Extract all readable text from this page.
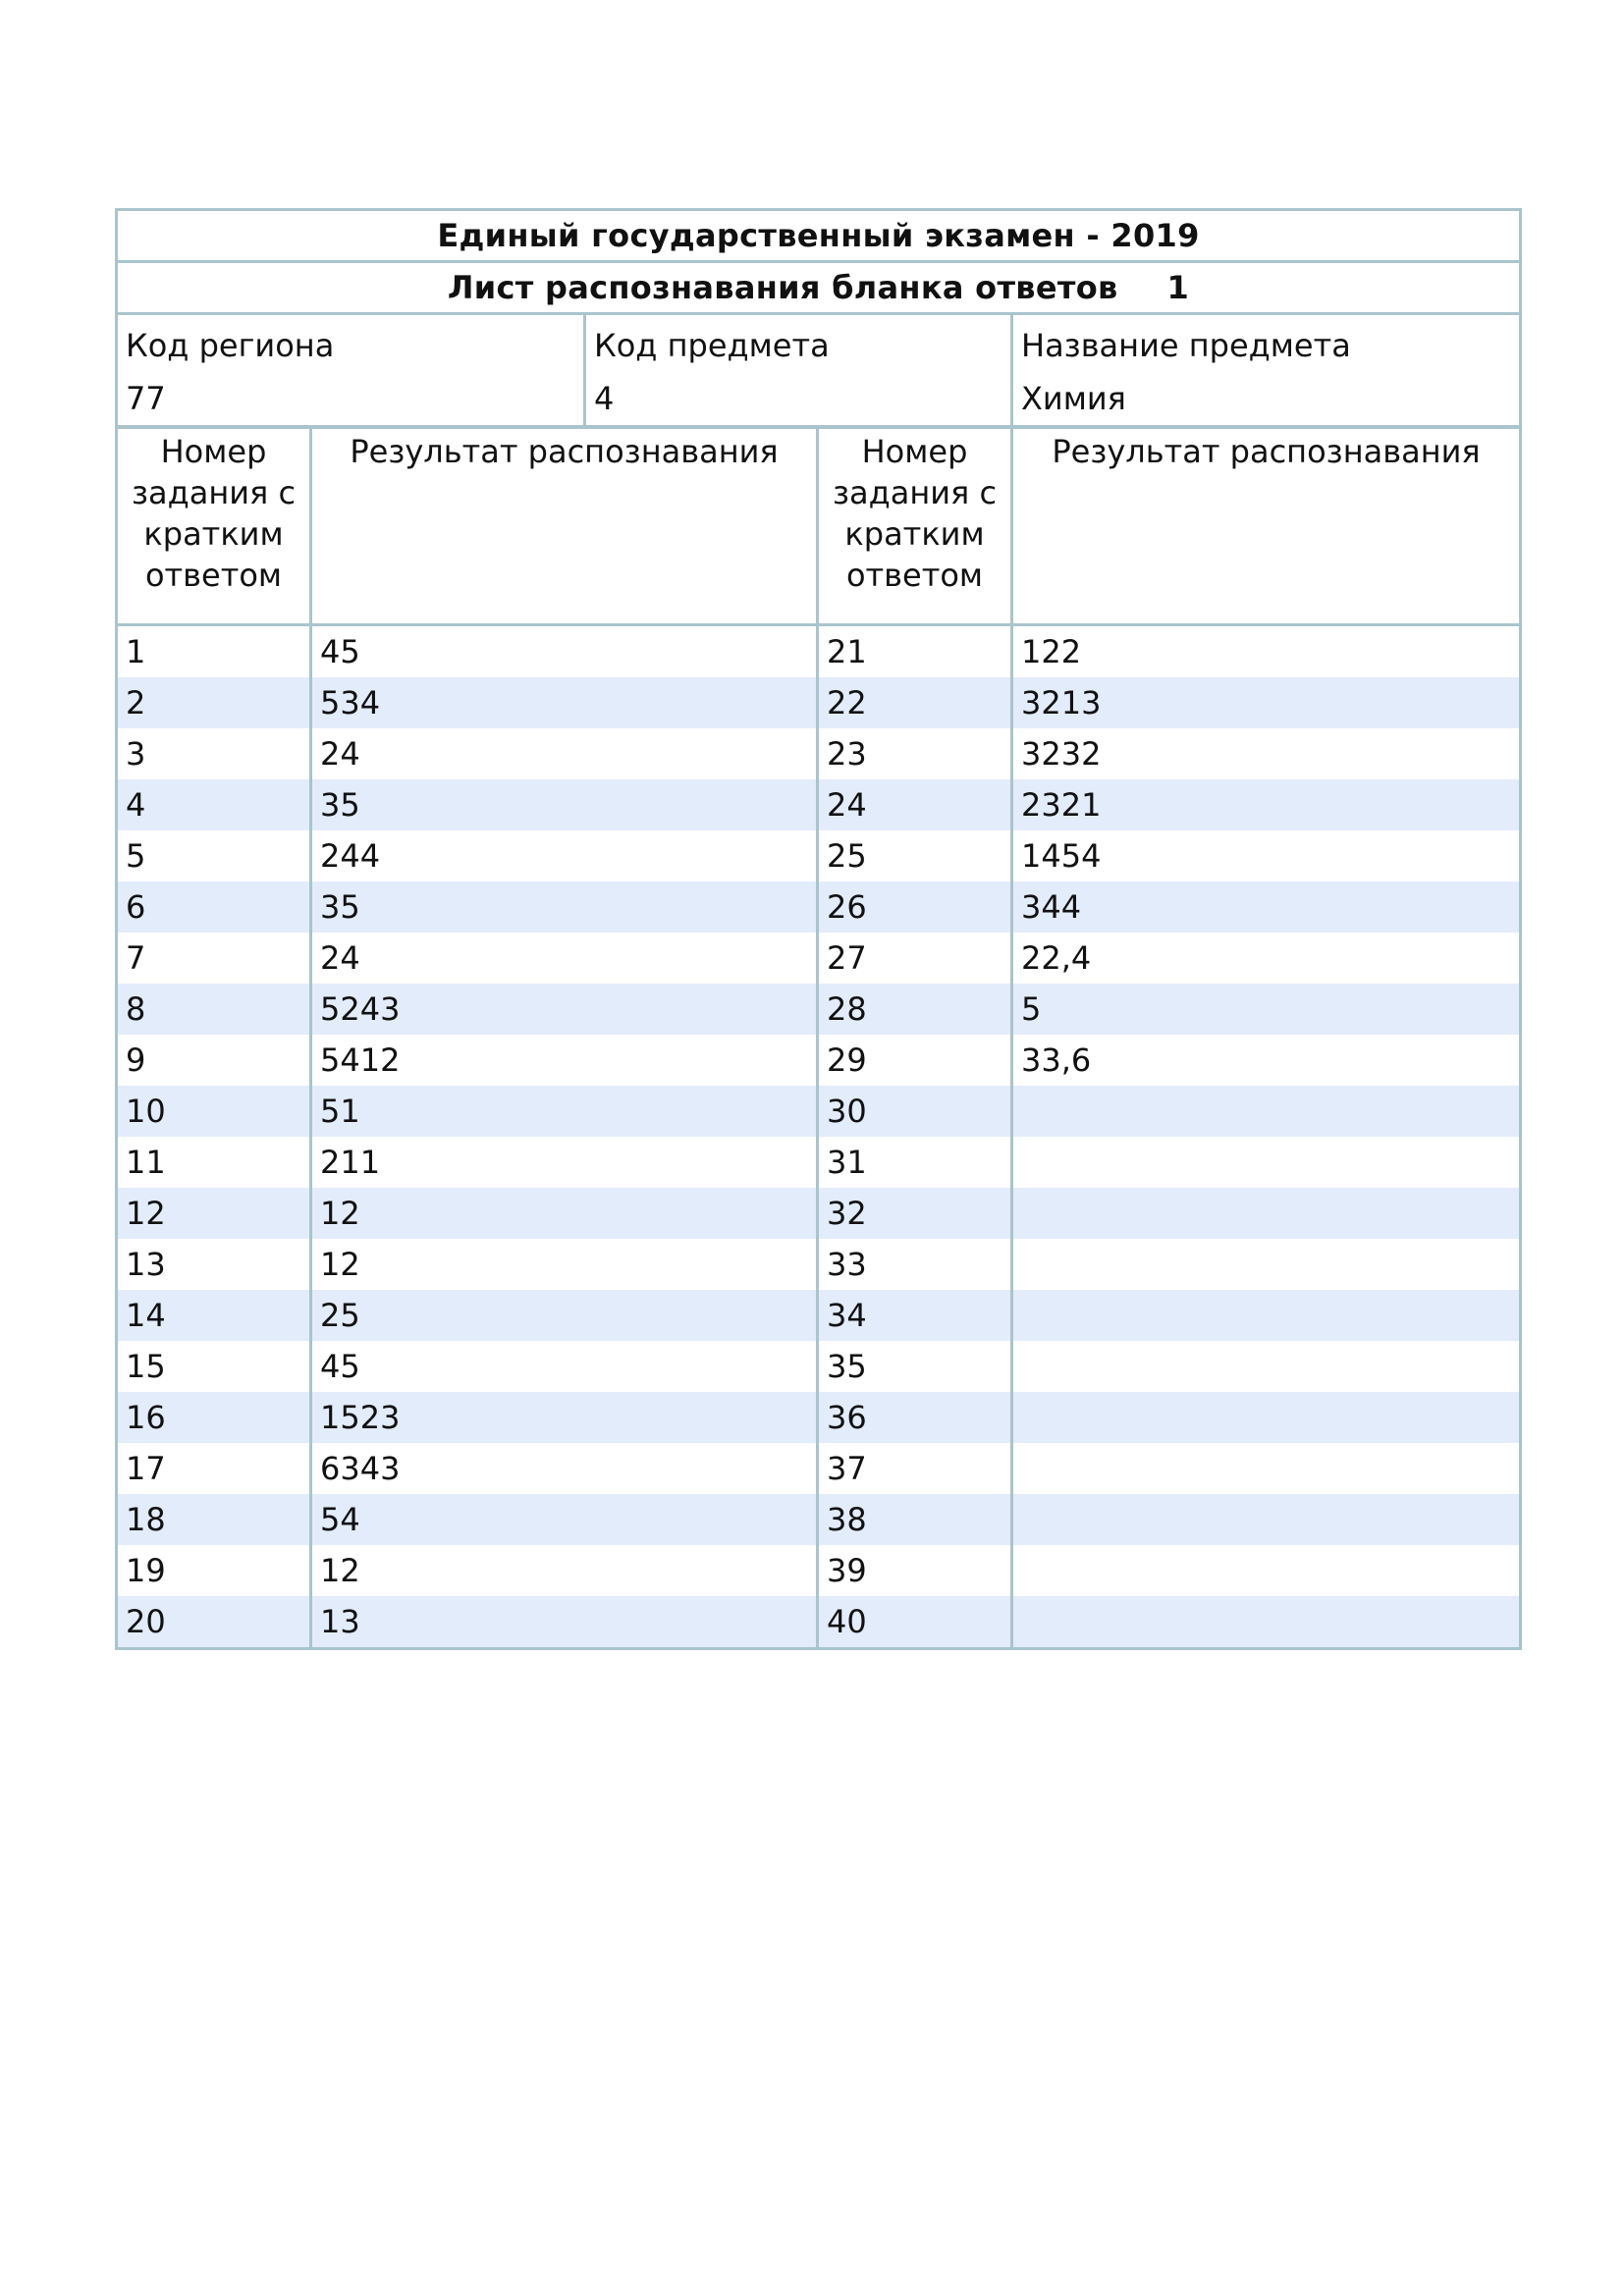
Единый государственный экзамен - 2019
Лист распознавания бланка ответов 1

Код региона
77

Код предмета
4

Название предмета
Химия
Номер задания с кратким ответом	Результат распознавания	Номер задания с кратким ответом	Результат распознавания
1	45	21	122
2	534	22	3213
3	24	23	3232
4	35	24	2321
5	244	25	1454
6	35	26	344
7	24	27	22,4
8	5243	28	5
9	5412	29	33,6
10	51	30	
11	211	31	
12	12	32	
13	12	33	
14	25	34	
15	45	35	
16	1523	36	
17	6343	37	
18	54	38	
19	12	39	
20	13	40	
